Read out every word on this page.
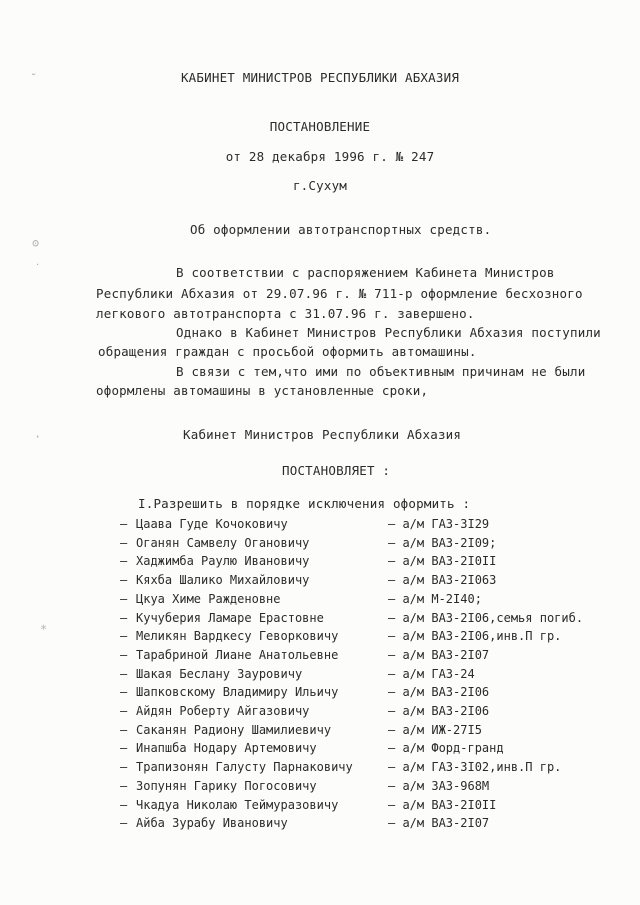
˘
ʘ
˙
·
∗
КАБИНЕТ МИНИСТРОВ РЕСПУБЛИКИ АБХАЗИЯ
ПОСТАНОВЛЕНИЕ
от 28 декабря 1996 г. № 247
г.Сухум
Об оформлении автотранспортных средств.
В соответствии с распоряжением Кабинета Министров
Республики Абхазия от 29.07.96 г. № 711-р оформление бесхозного
легкового автотранспорта с 31.07.96 г. завершено.
Однако в Кабинет Министров Республики Абхазия поступили
обращения граждан с просьбой оформить автомашины.
В связи с тем,что ими по объективным причинам не были
оформлены автомашины в установленные сроки,
Кабинет Министров Республики Абхазия
ПОСТАНОВЛЯЕТ :
I.Разрешить в порядке исключения оформить :
– Цаава Гуде Кочоковичу	– а/м ГАЗ-3I29
– Оганян Самвелу Огановичу	– а/м ВАЗ-2I09;
– Хаджимба Раулю Ивановичу	– а/м ВАЗ-2I0II
– Кяхба Шалико Михайловичу	– а/м ВАЗ-2I063
– Цкуа Химе Ражденовне	– а/м М-2I40;
– Кучуберия Ламаре Ерастовне	– а/м ВАЗ-2I06,семья погиб.
– Меликян Вардкесу Геворковичу	– а/м ВАЗ-2I06,инв.П гр.
– Тарабриной Лиане Анатольевне	– а/м ВАЗ-2I07
– Шакая Беслану Зауровичу	– а/м ГАЗ-24
– Шапковскому Владимиру Ильичу	– а/м ВАЗ-2I06
– Айдян Роберту Айгазовичу	– а/м ВАЗ-2I06
– Саканян Радиону Шамилиевичу	– а/м ИЖ-27I5
– Инапшба Нодару Артемовичу	– а/м Форд-гранд
– Трапизонян Галусту Парнаковичу	– а/м ГАЗ-3I02,инв.П гр.
– Зопунян Гарику Погосовичу	– а/м ЗАЗ-968М
– Чкадуа Николаю Теймуразовичу	– а/м ВАЗ-2I0II
– Айба Зурабу Ивановичу	– а/м ВАЗ-2I07
